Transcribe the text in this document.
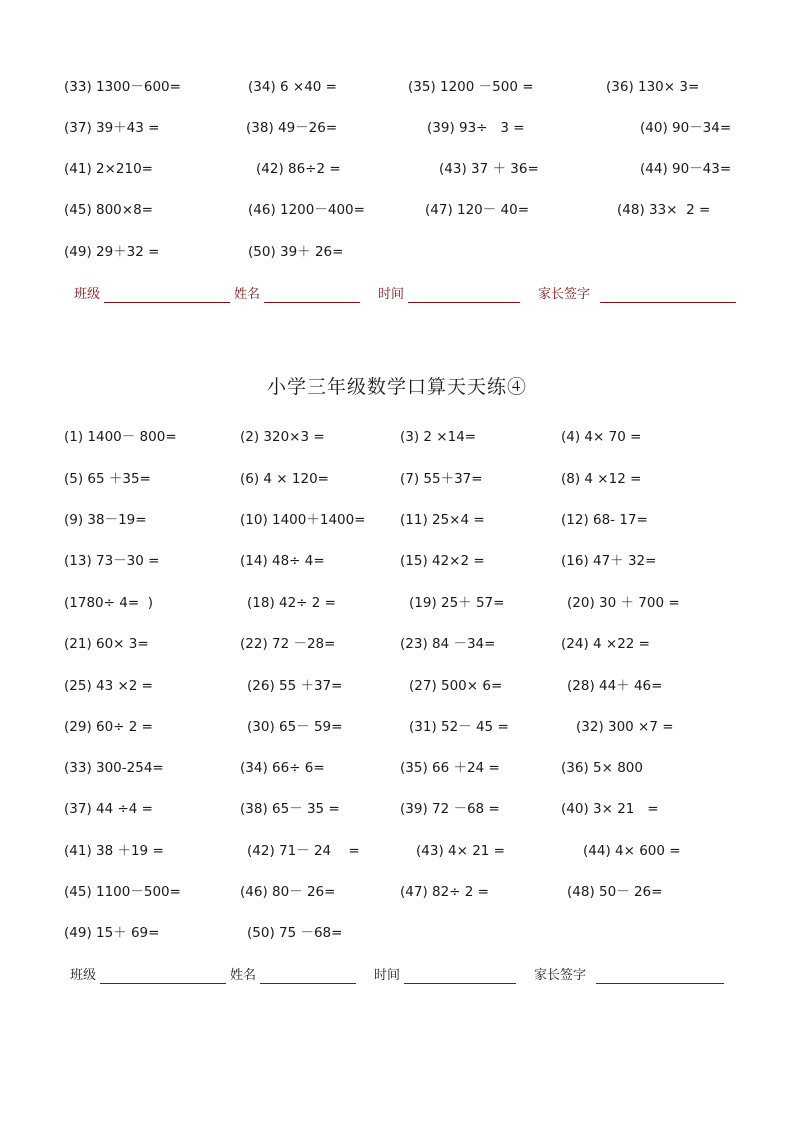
(33) 1300－600=	(34) 6 ×40 =	(35) 1200 －500 =	(36) 130× 3=
(37) 39＋43 =	(38) 49－26=	(39) 93÷   3 =	(40) 90－34=
(41) 2×210=	(42) 86÷2 =	(43) 37 ＋ 36=	(44) 90－43=
(45) 800×8=	(46) 1200－400=	(47) 120－ 40=	(48) 33×  2 =
(49) 29＋32 =	(50) 39＋ 26=
班级	姓名	时间	家长签字
小学三年级数学口算天天练④
(1) 1400－ 800=	(2) 320×3 =	(3) 2 ×14=	(4) 4× 70 =
(5) 65 ＋35=	(6) 4 × 120=	(7) 55＋37=	(8) 4 ×12 =
(9) 38－19=	(10) 1400＋1400=	(11) 25×4 =	(12) 68- 17=
(13) 73－30 =	(14) 48÷ 4=	(15) 42×2 =	(16) 47＋ 32=
(1780÷ 4=  )	(18) 42÷ 2 =	(19) 25＋ 57=	(20) 30 ＋ 700 =
(21) 60× 3=	(22) 72 －28=	(23) 84 －34=	(24) 4 ×22 =
(25) 43 ×2 =	(26) 55 ＋37=	(27) 500× 6=	(28) 44＋ 46=
(29) 60÷ 2 =	(30) 65－ 59=	(31) 52－ 45 =	(32) 300 ×7 =
(33) 300-254=	(34) 66÷ 6=	(35) 66 ＋24 =	(36) 5× 800
(37) 44 ÷4 =	(38) 65－ 35 =	(39) 72 －68 =	(40) 3× 21   =
(41) 38 ＋19 =	(42) 71－ 24    =	(43) 4× 21 =	(44) 4× 600 =
(45) 1100－500=	(46) 80－ 26=	(47) 82÷ 2 =	(48) 50－ 26=
(49) 15＋ 69=	(50) 75 －68=
班级	姓名	时间	家长签字
